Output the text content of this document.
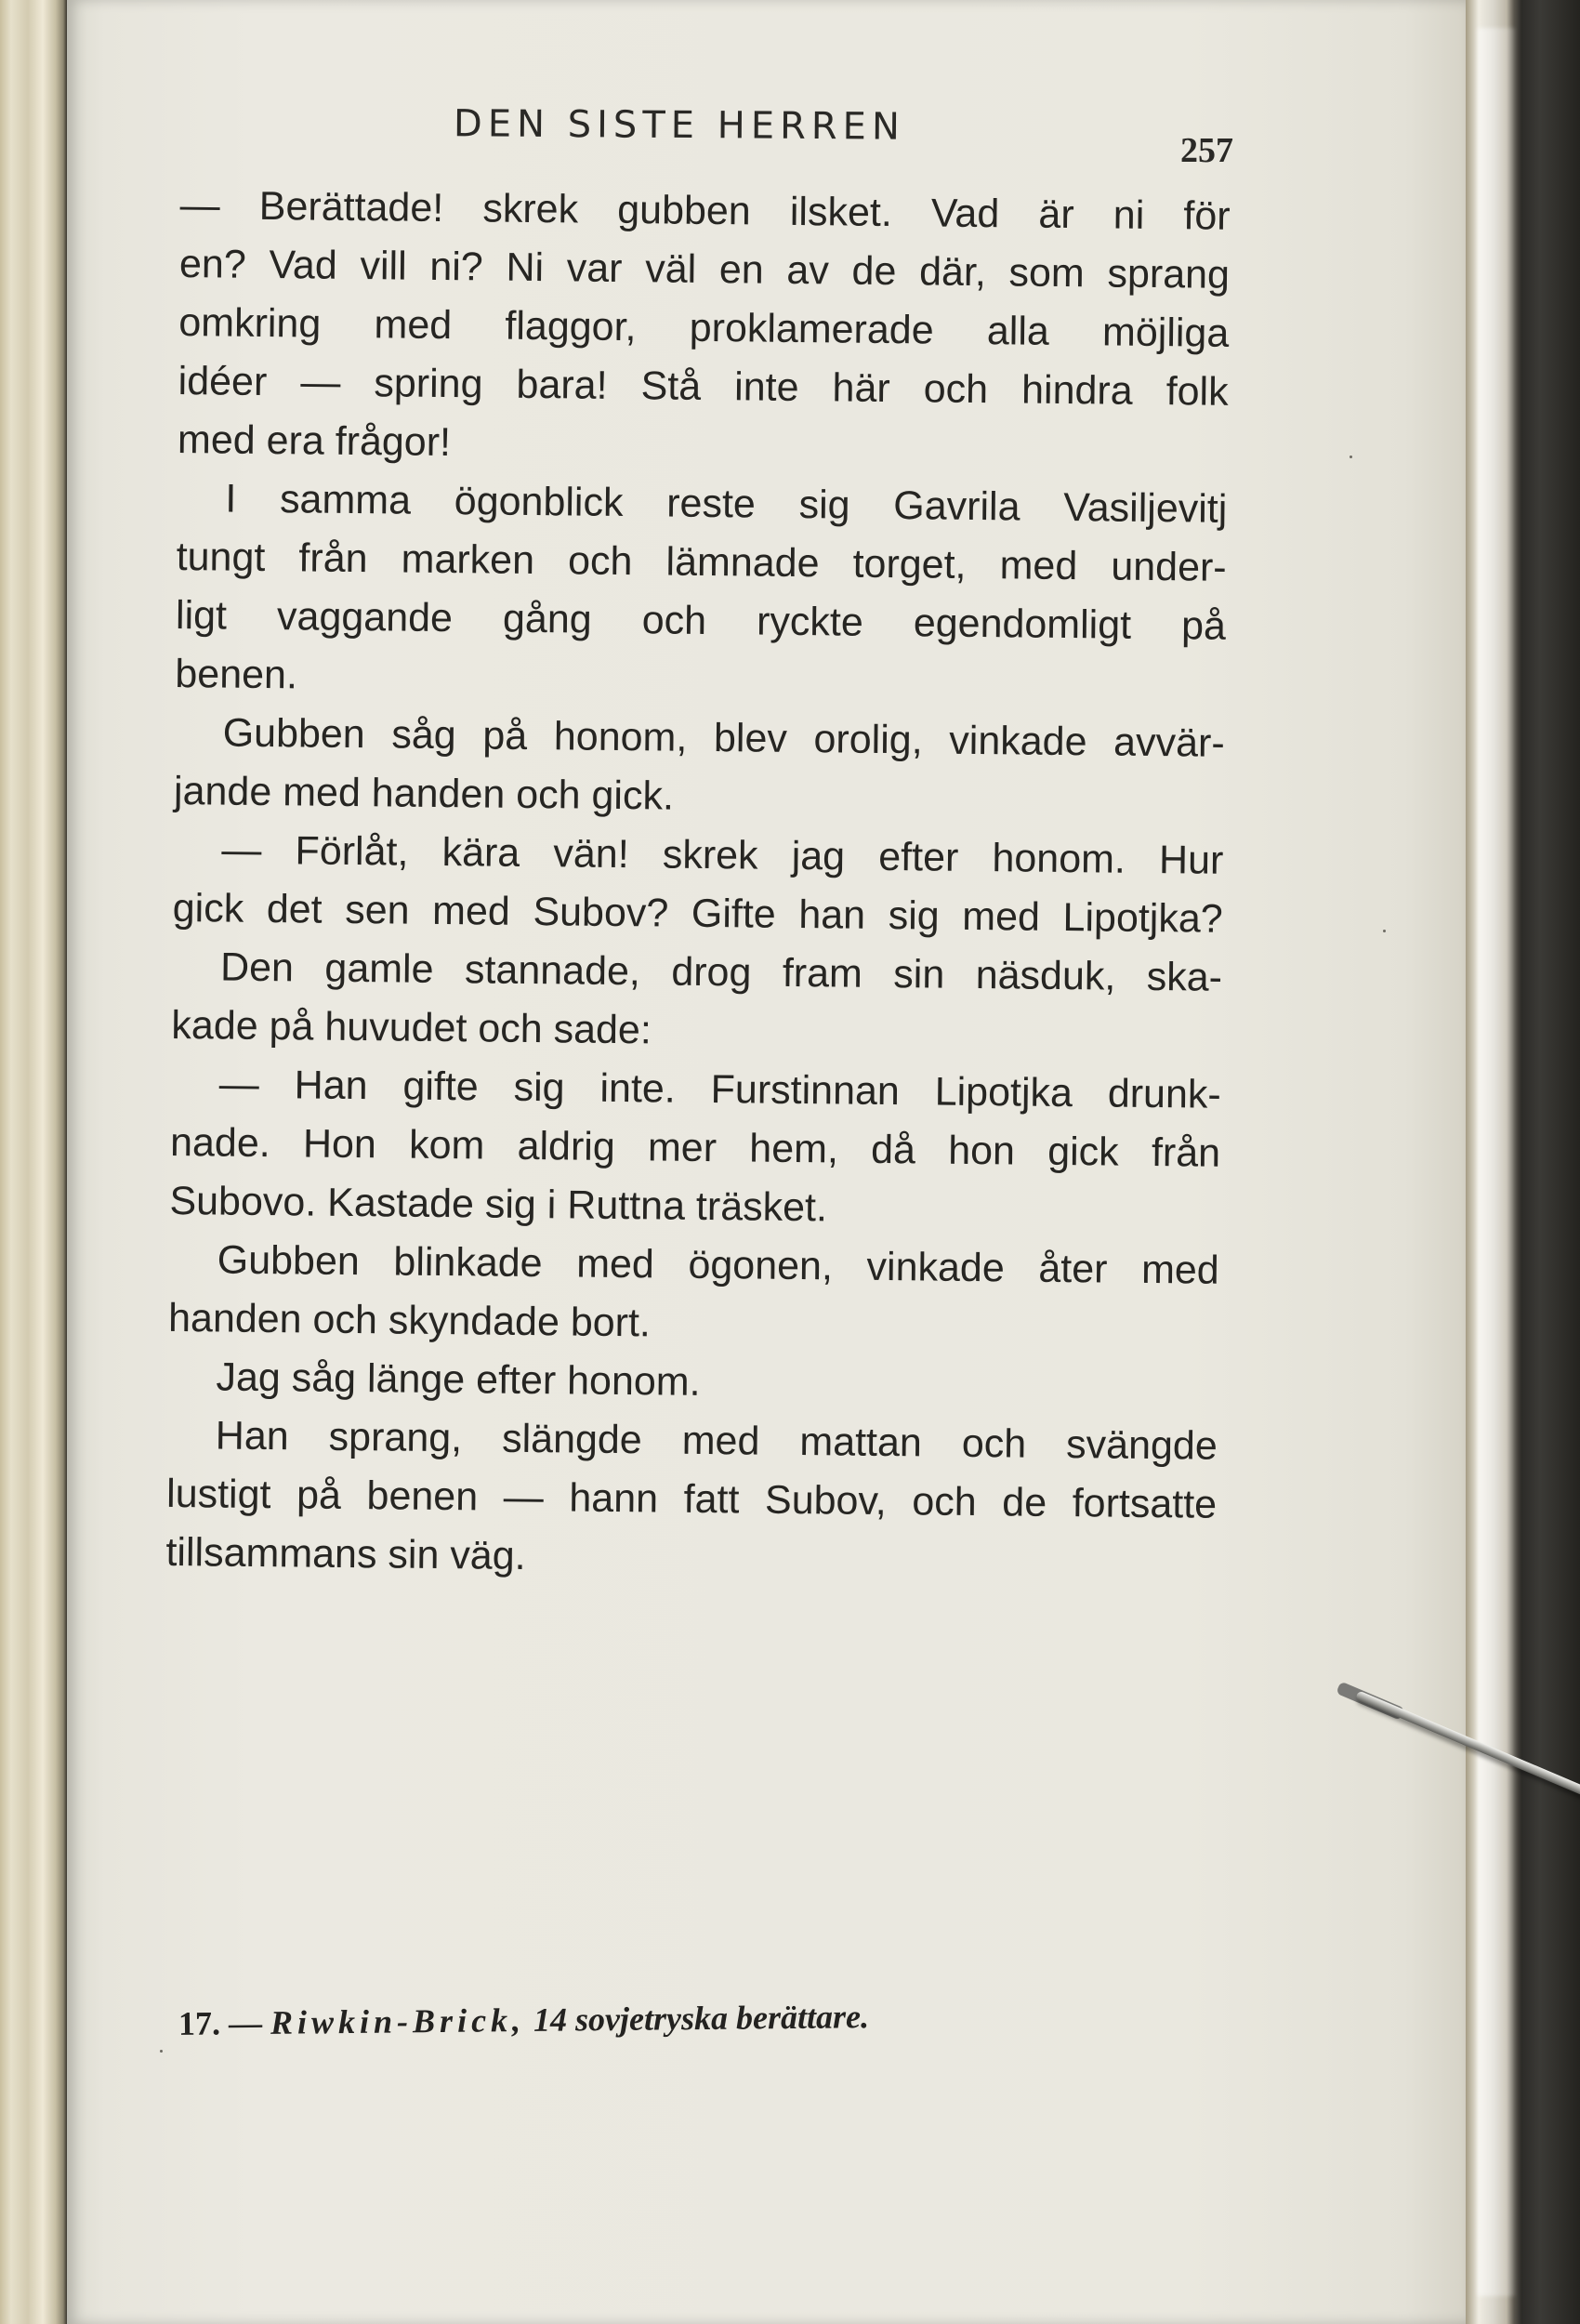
DEN SISTE HERREN
257
— Berättade! skrek gubben ilsket. Vad är ni för
en? Vad vill ni? Ni var väl en av de där, som sprang
omkring med flaggor, proklamerade alla möjliga
idéer — spring bara! Stå inte här och hindra folk
med era frågor!
I samma ögonblick reste sig Gavrila Vasiljevitj
tungt från marken och lämnade torget, med under-
ligt vaggande gång och ryckte egendomligt på
benen.
Gubben såg på honom, blev orolig, vinkade avvär-
jande med handen och gick.
— Förlåt, kära vän! skrek jag efter honom. Hur
gick det sen med Subov? Gifte han sig med Lipotjka?
Den gamle stannade, drog fram sin näsduk, ska-
kade på huvudet och sade:
— Han gifte sig inte. Furstinnan Lipotjka drunk-
nade. Hon kom aldrig mer hem, då hon gick från
Subovo. Kastade sig i Ruttna träsket.
Gubben blinkade med ögonen, vinkade åter med
handen och skyndade bort.
Jag såg länge efter honom.
Han sprang, slängde med mattan och svängde
lustigt på benen — hann fatt Subov, och de fortsatte
tillsammans sin väg.
17. — Riwkin-Brick, 14 sovjetryska berättare.
